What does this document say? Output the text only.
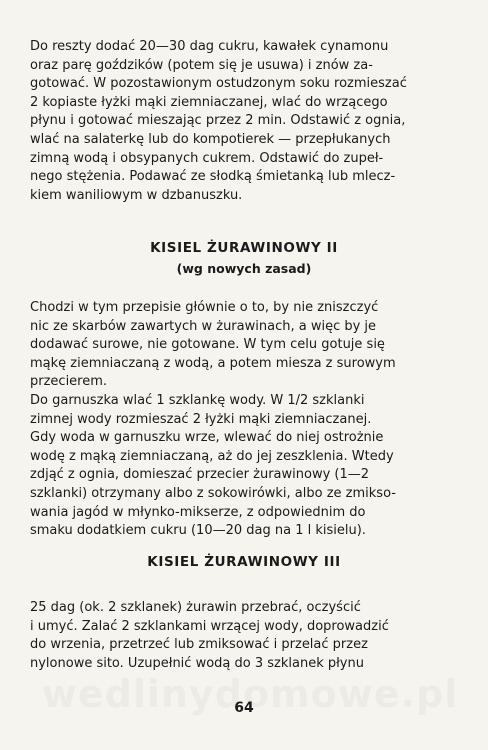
Do reszty dodać 20—30 dag cukru, kawałek cynamonu
oraz parę goździków (potem się je usuwa) i znów za-
gotować. W pozostawionym ostudzonym soku rozmieszać
2 kopiaste łyżki mąki ziemniaczanej, wlać do wrzącego
płynu i gotować mieszając przez 2 min. Odstawić z ognia,
wlać na salaterkę lub do kompotierek — przepłukanych
zimną wodą i obsypanych cukrem. Odstawić do zupeł-
nego stężenia. Podawać ze słodką śmietanką lub mlecz-
kiem waniliowym w dzbanuszku.

KISIEL ŻURAWINOWY II

(wg nowych zasad)

Chodzi w tym przepisie głównie o to, by nie zniszczyć
nic ze skarbów zawartych w żurawinach, a więc by je
dodawać surowe, nie gotowane. W tym celu gotuje się
mąkę ziemniaczaną z wodą, a potem miesza z surowym
przecierem.

Do garnuszka wlać 1 szklankę wody. W 1/2 szklanki
zimnej wody rozmieszać 2 łyżki mąki ziemniaczanej.
Gdy woda w garnuszku wrze, wlewać do niej ostrożnie
wodę z mąką ziemniaczaną, aż do jej zeszklenia. Wtedy
zdjąć z ognia, domieszać przecier żurawinowy (1—2
szklanki) otrzymany albo z sokowirówki, albo ze zmikso-
wania jagód w młynko-mikserze, z odpowiednim do
smaku dodatkiem cukru (10—20 dag na 1 l kisielu).

KISIEL ŻURAWINOWY III

25 dag (ok. 2 szklanek) żurawin przebrać, oczyścić
i umyć. Zalać 2 szklankami wrzącej wody, doprowadzić
do wrzenia, przetrzeć lub zmiksować i przelać przez
nylonowe sito. Uzupełnić wodą do 3 szklanek płynu

64
